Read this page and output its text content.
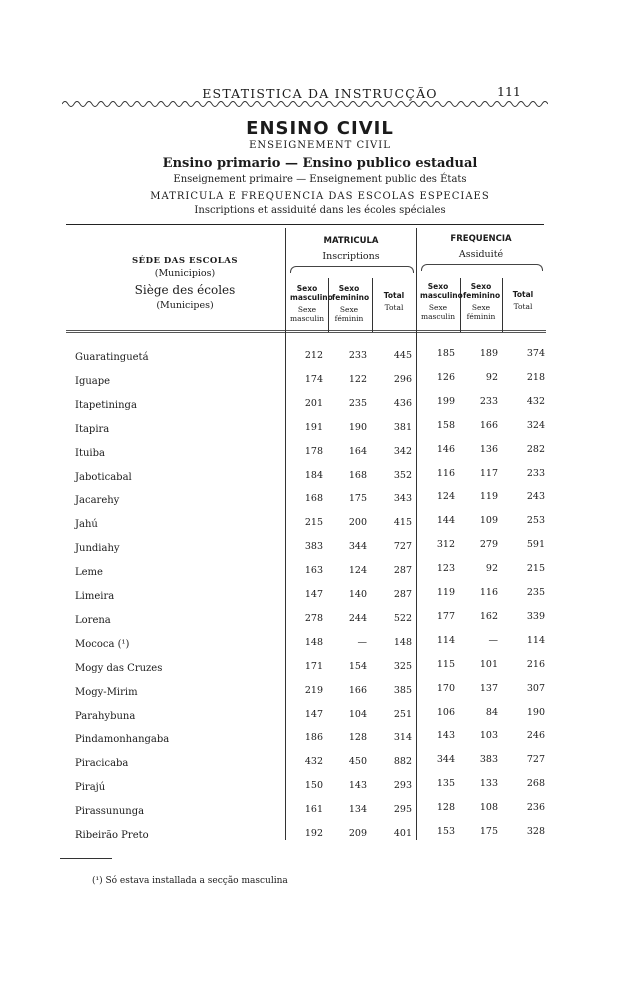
ESTATISTICA DA INSTRUCÇÃO	111
ENSINO CIVIL
ENSEIGNEMENT CIVIL
Ensino primario — Ensino publico estadual
Enseignement primaire — Enseignement public des États
MATRICULA E FREQUENCIA DAS ESCOLAS ESPECIAES
Inscriptions et assiduité dans les écoles spéciales
SÉDE DAS ESCOLAS
(Municipios)
Siège des écoles
(Municipes)
MATRICULA
Inscriptions
FREQUENCIA
Assiduité
Sexo masculino
Sexe masculin
Sexo feminino
Sexe féminin
Total
Total
Sexo masculino
Sexe masculin
Sexo feminino
Sexe féminin
Total
Total
Guaratinguetá	212	233	445	185	189	374
Iguape	174	122	296	126	92	218
Itapetininga	201	235	436	199	233	432
Itapira	191	190	381	158	166	324
Ituiba	178	164	342	146	136	282
Jaboticabal	184	168	352	116	117	233
Jacarehy	168	175	343	124	119	243
Jahú	215	200	415	144	109	253
Jundiahy	383	344	727	312	279	591
Leme	163	124	287	123	92	215
Limeira	147	140	287	119	116	235
Lorena	278	244	522	177	162	339
Mococa (¹)	148	—	148	114	—	114
Mogy das Cruzes	171	154	325	115	101	216
Mogy-Mirim	219	166	385	170	137	307
Parahybuna	147	104	251	106	84	190
Pindamonhangaba	186	128	314	143	103	246
Piracicaba	432	450	882	344	383	727
Pirajú	150	143	293	135	133	268
Pirassununga	161	134	295	128	108	236
Ribeirão Preto	192	209	401	153	175	328
(¹) Só estava installada a secção masculina
